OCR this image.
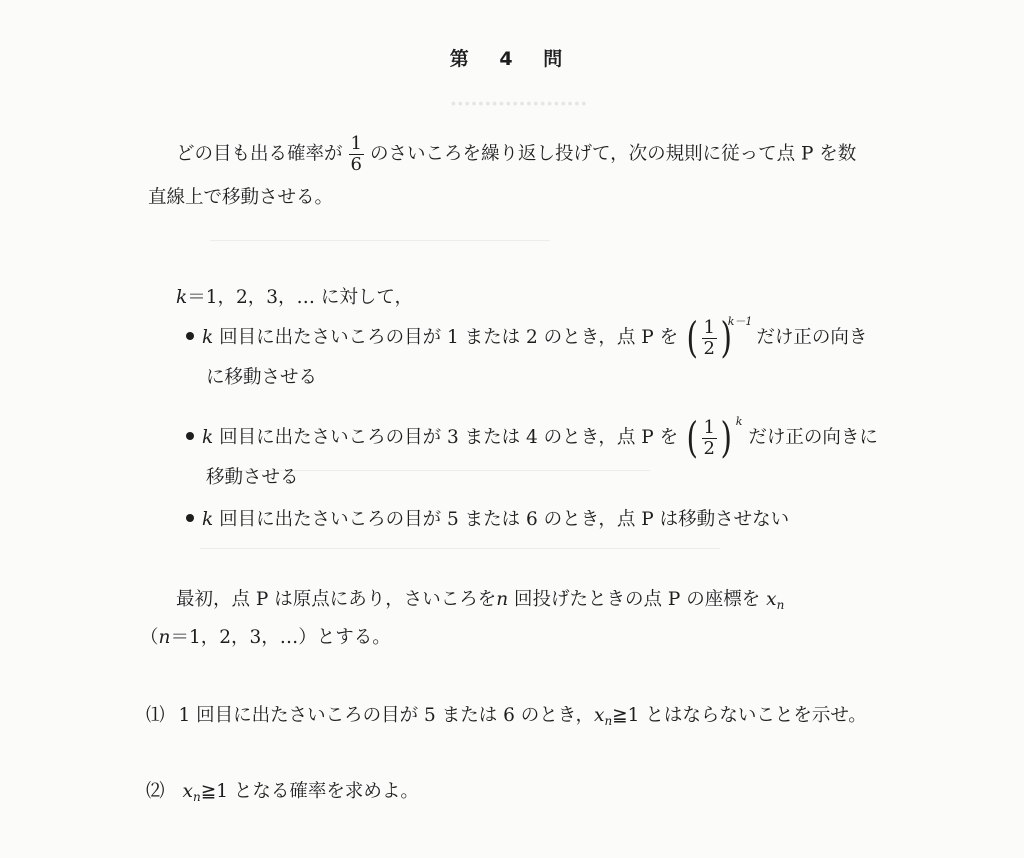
∙∙∙∙∙∙∙∙∙∙∙∙∙∙∙∙∙∙∙∙
第 4 問
どの目も出る確率が $\frac{1}{6}$ のさいころを繰り返し投げて，次の規則に従って点 P を数
直線上で移動させる。
k＝1，2，3，… に対して，
k 回目に出たさいころの目が 1 または 2 のとき，点 P を ( $\frac{1}{2}$ )
k－1
だけ正の向き
に移動させる
k 回目に出たさいころの目が 3 または 4 のとき，点 P を ( $\frac{1}{2}$ ) k
だけ正の向きに
移動させる
k 回目に出たさいころの目が 5 または 6 のとき，点 P は移動させない
最初，点 P は原点にあり，さいころをn 回投げたときの点 P の座標を $x_n$
（n＝1，2，3，…）とする。
⑴ 1 回目に出たさいころの目が 5 または 6 のとき，$x_n≧1$ とはならないことを示せ。
⑵ $x_n≧1$ となる確率を求めよ。
